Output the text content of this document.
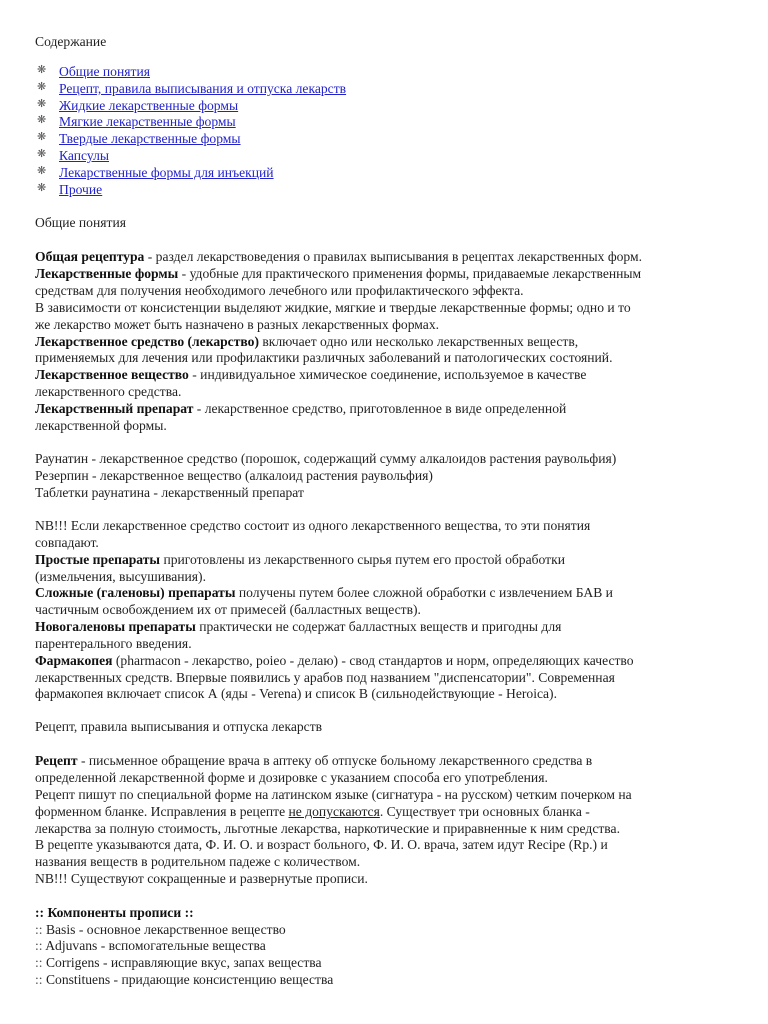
Содержание
❋ Общие понятия
❋ Рецепт, правила выписывания и отпуска лекарств
❋ Жидкие лекарственные формы
❋ Мягкие лекарственные формы
❋ Твердые лекарственные формы
❋ Капсулы
❋ Лекарственные формы для инъекций
❋ Прочие
Общие понятия
Общая рецептура - раздел лекарствоведения о правилах выписывания в рецептах лекарственных форм.
Лекарственные формы - удобные для практического применения формы, придаваемые лекарственным
средствам для получения необходимого лечебного или профилактического эффекта.
В зависимости от консистенции выделяют жидкие, мягкие и твердые лекарственные формы; одно и то
же лекарство может быть назначено в разных лекарственных формах.
Лекарственное средство (лекарство) включает одно или несколько лекарственных веществ,
применяемых для лечения или профилактики различных заболеваний и патологических состояний.
Лекарственное вещество - индивидуальное химическое соединение, используемое в качестве
лекарственного средства.
Лекарственный препарат - лекарственное средство, приготовленное в виде определенной
лекарственной формы.
Раунатин - лекарственное средство (порошок, содержащий сумму алкалоидов растения раувольфия)
Резерпин - лекарственное вещество (алкалоид растения раувольфия)
Таблетки раунатина - лекарственный препарат
NB!!! Если лекарственное средство состоит из одного лекарственного вещества, то эти понятия
совпадают.
Простые препараты приготовлены из лекарственного сырья путем его простой обработки
(измельчения, высушивания).
Сложные (галеновы) препараты получены путем более сложной обработки с извлечением БАВ и
частичным освобождением их от примесей (балластных веществ).
Новогаленовы препараты практически не содержат балластных веществ и пригодны для
парентерального введения.
Фармакопея (pharmacon - лекарство, poieo - делаю) - свод стандартов и норм, определяющих качество
лекарственных средств. Впервые появились у арабов под названием "диспенсатории". Современная
фармакопея включает список А (яды - Verena) и список В (сильнодействующие - Heroica).
Рецепт, правила выписывания и отпуска лекарств
Рецепт - письменное обращение врача в аптеку об отпуске больному лекарственного средства в
определенной лекарственной форме и дозировке с указанием способа его употребления.
Рецепт пишут по специальной форме на латинском языке (сигнатура - на русском) четким почерком на
форменном бланке. Исправления в рецепте не допускаются. Существует три основных бланка -
лекарства за полную стоимость, льготные лекарства, наркотические и приравненные к ним средства.
В рецепте указываются дата, Ф. И. О. и возраст больного, Ф. И. О. врача, затем идут Recipe (Rp.) и
названия веществ в родительном падеже с количеством.
NB!!! Существуют сокращенные и развернутые прописи.
:: Компоненты прописи ::
:: Basis - основное лекарственное вещество
:: Adjuvans - вспомогательные вещества
:: Corrigens - исправляющие вкус, запах вещества
:: Constituens - придающие консистенцию вещества
